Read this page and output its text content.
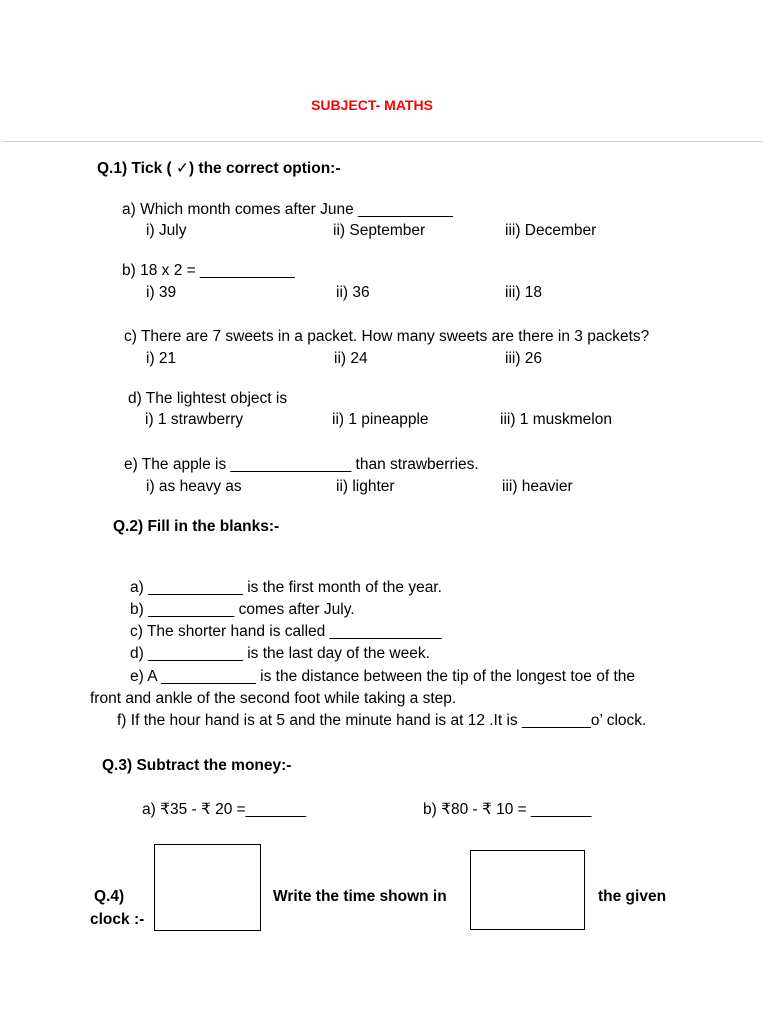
SUBJECT- MATHS
Q.1) Tick ( ✓) the correct option:-
a) Which month comes after June ___________
i) July	ii) September	iii) December
b) 18 x 2 = ___________
i) 39	ii) 36	iii) 18
c) There are 7 sweets in a packet. How many sweets are there in 3 packets?
i) 21	ii) 24	iii) 26
d) The lightest object is
i) 1 strawberry	ii) 1 pineapple	iii) 1 muskmelon
e) The apple is ______________ than strawberries.
i) as heavy as	ii) lighter	iii) heavier
Q.2) Fill in the blanks:-
a) ___________ is the first month of the year.
b) __________ comes after July.
c) The shorter hand is called _____________
d) ___________ is the last day of the week.
e) A ___________ is the distance between the tip of the longest toe of the
front and ankle of the second foot while taking a step.
f) If the hour hand is at 5 and the minute hand is at 12 .It is ________o’ clock.
Q.3) Subtract the money:-
a) ₹35 - ₹ 20 =_______	b) ₹80 - ₹ 10 = _______
Q.4)
clock :-
Write the time shown in	the given
